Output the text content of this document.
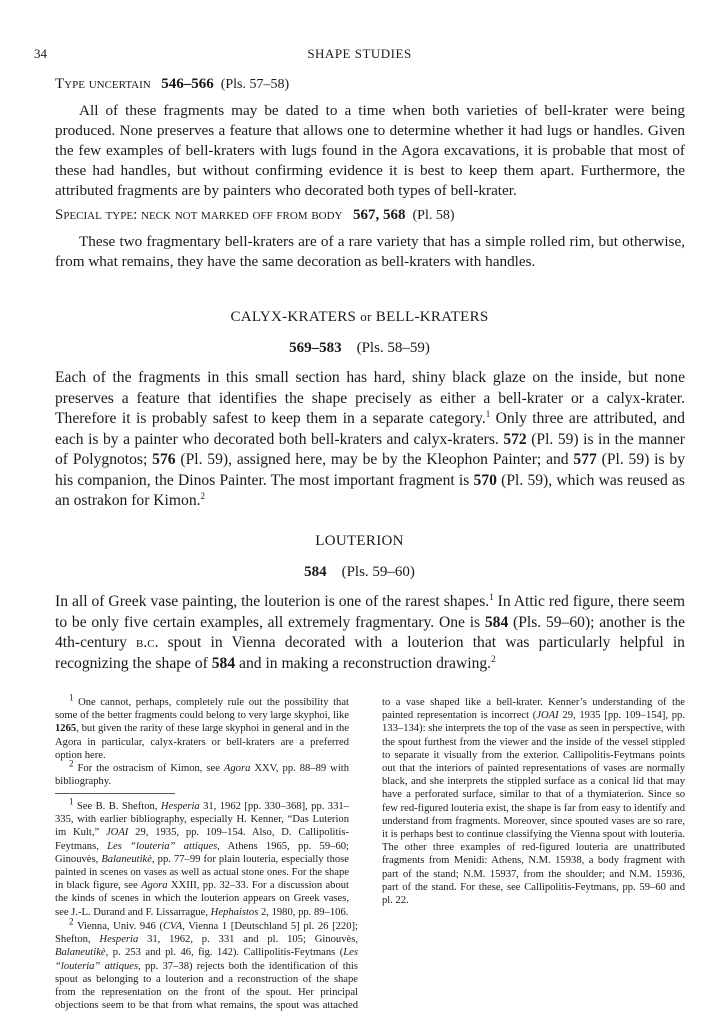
34	SHAPE STUDIES
Type uncertain 546–566 (Pls. 57–58)

All of these fragments may be dated to a time when both varieties of bell-krater were being produced. None preserves a feature that allows one to determine whether it had lugs or handles. Given the few examples of bell-kraters with lugs found in the Agora excavations, it is probable that most of these had handles, but without confirming evidence it is best to keep them apart. Furthermore, the attributed fragments are by painters who decorated both types of bell-krater.

Special type: neck not marked off from body 567, 568 (Pl. 58)

These two fragmentary bell-kraters are of a rare variety that has a simple rolled rim, but otherwise, from what remains, they have the same decoration as bell-kraters with handles.

CALYX-KRATERS or BELL-KRATERS
569–583 (Pls. 58–59)

Each of the fragments in this small section has hard, shiny black glaze on the inside, but none preserves a feature that identifies the shape precisely as either a bell-krater or a calyx-krater. Therefore it is probably safest to keep them in a separate category.$^1$ Only three are attributed, and each is by a painter who decorated both bell-kraters and calyx-kraters. 572 (Pl. 59) is in the manner of Polygnotos; 576 (Pl. 59), assigned here, may be by the Kleophon Painter; and 577 (Pl. 59) is by his companion, the Dinos Painter. The most important fragment is 570 (Pl. 59), which was reused as an ostrakon for Kimon.$^2$

LOUTERION
584 (Pls. 59–60)

In all of Greek vase painting, the louterion is one of the rarest shapes.$^1$ In Attic red figure, there seem to be only five certain examples, all extremely fragmentary. One is 584 (Pls. 59–60); another is the 4th-century b.c. spout in Vienna decorated with a louterion that was particularly helpful in recognizing the shape of 584 and in making a reconstruction drawing.$^2$

$^1$ One cannot, perhaps, completely rule out the possibility that some of the better fragments could belong to very large skyphoi, like 1265, but given the rarity of these large skyphoi in general and in the Agora in particular, calyx-kraters or bell-kraters are a preferred option here.

$^2$ For the ostracism of Kimon, see Agora XXV, pp. 88–89 with bibliography.

$^1$ See B. B. Shefton, Hesperia 31, 1962 [pp. 330–368], pp. 331–335, with earlier bibliography, especially H. Kenner, “Das Luterion im Kult,” JOAI 29, 1935, pp. 109–154. Also, D. Callipolitis-Feytmans, Les “louteria” attiques, Athens 1965, pp. 59–60; Ginouvès, Balaneutikè, pp. 77–99 for plain louteria, especially those painted in scenes on vases as well as actual stone ones. For the shape in black figure, see Agora XXIII, pp. 32–33. For a discussion about the kinds of scenes in which the louterion appears on Greek vases, see J.-L. Durand and F. Lissarrague, Hephaistos 2, 1980, pp. 89–106.

$^2$ Vienna, Univ. 946 (CVA, Vienna 1 [Deutschland 5] pl. 26 [220]; Shefton, Hesperia 31, 1962, p. 331 and pl. 105; Ginouvès, Balaneutikè, p. 253 and pl. 46, fig. 142). Callipolitis-Feytmans (Les “louteria” attiques, pp. 37–38) rejects both the identification of this spout as belonging to a louterion and a reconstruction of the shape from the representation on the front of the spout. Her principal objections seem to be that from what remains, the spout was attached to a vase shaped like a bell-krater. Kenner’s understanding of the painted representation is incorrect (JOAI 29, 1935 [pp. 109–154], pp. 133–134): she interprets the top of the vase as seen in perspective, with the spout furthest from the viewer and the inside of the vessel stippled to separate it visually from the exterior. Callipolitis-Feytmans points out that the interiors of painted representations of vases are normally black, and she interprets the stippled surface as a conical lid that may have a perforated surface, similar to that of a thymiaterion. Since so few red-figured louteria exist, the shape is far from easy to identify and understand from fragments. Moreover, since spouted vases are so rare, it is perhaps best to continue classifying the Vienna spout with louteria. The other three examples of red-figured louteria are unattributed fragments from Menidi: Athens, N.M. 15938, a body fragment with part of the stand; N.M. 15937, from the shoulder; and N.M. 15936, part of the stand. For these, see Callipolitis-Feytmans, pp. 59–60 and pl. 22.
